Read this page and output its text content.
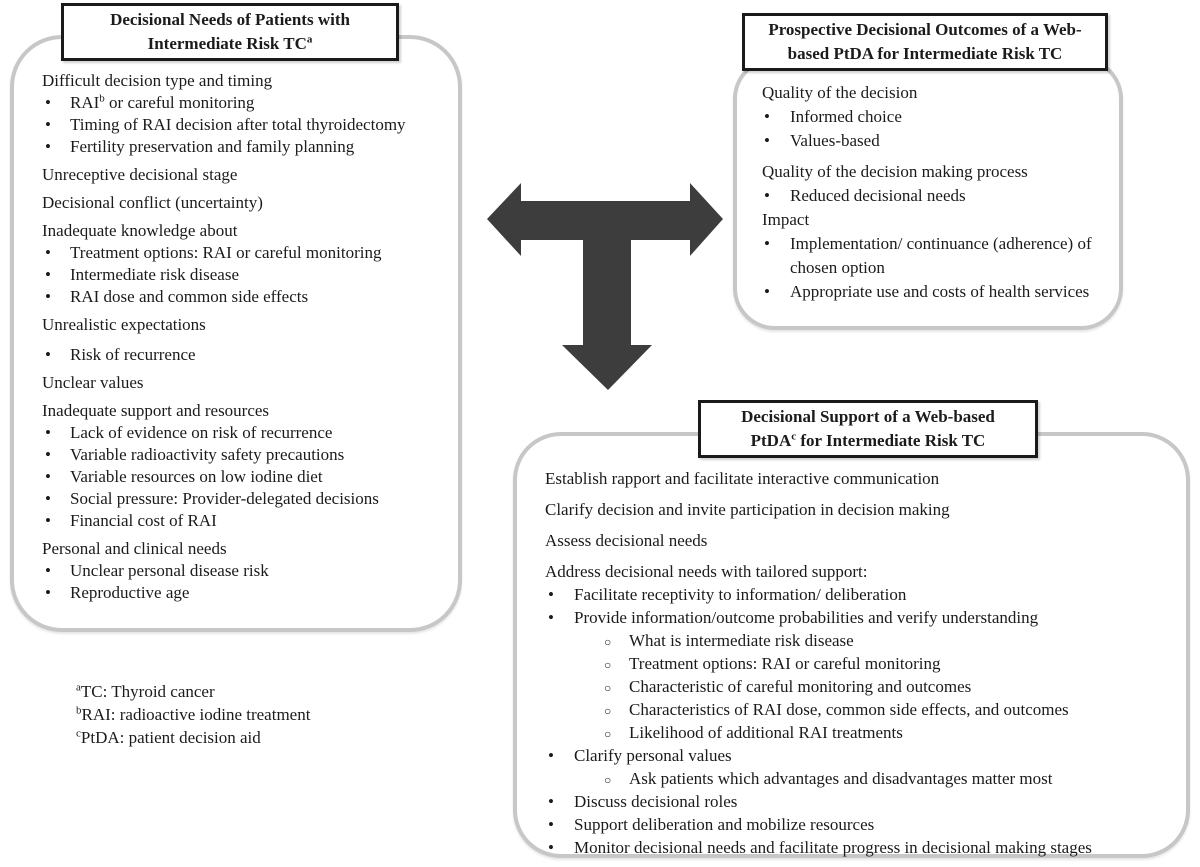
Decisional Needs of Patients with
Intermediate Risk $TC^a$
Difficult decision type and timing
• RAI$^b$ or careful monitoring
• Timing of RAI decision after total thyroidectomy
• Fertility preservation and family planning
Unreceptive decisional stage
Decisional conflict (uncertainty)
Inadequate knowledge about
• Treatment options: RAI or careful monitoring
• Intermediate risk disease
• RAI dose and common side effects
Unrealistic expectations
• Risk of recurrence
Unclear values
Inadequate support and resources
• Lack of evidence on risk of recurrence
• Variable radioactivity safety precautions
• Variable resources on low iodine diet
• Social pressure: Provider-delegated decisions
• Financial cost of RAI
Personal and clinical needs
• Unclear personal disease risk
• Reproductive age
Prospective Decisional Outcomes of a Web-
based PtDA for Intermediate Risk TC
Quality of the decision
• Informed choice
• Values-based
Quality of the decision making process
• Reduced decisional needs
Impact
• Implementation/ continuance (adherence) of chosen option
• Appropriate use and costs of health services
Decisional Support of a Web-based
PtDA$^c$ for Intermediate Risk TC
Establish rapport and facilitate interactive communication
Clarify decision and invite participation in decision making
Assess decisional needs
Address decisional needs with tailored support:
• Facilitate receptivity to information/ deliberation
• Provide information/outcome probabilities and verify understanding
○ What is intermediate risk disease
○ Treatment options: RAI or careful monitoring
○ Characteristic of careful monitoring and outcomes
○ Characteristics of RAI dose, common side effects, and outcomes
○ Likelihood of additional RAI treatments
• Clarify personal values
○ Ask patients which advantages and disadvantages matter most
• Discuss decisional roles
• Support deliberation and mobilize resources
• Monitor decisional needs and facilitate progress in decisional making stages
$^a$TC: Thyroid cancer
$^b$RAI: radioactive iodine treatment
$^c$PtDA: patient decision aid
